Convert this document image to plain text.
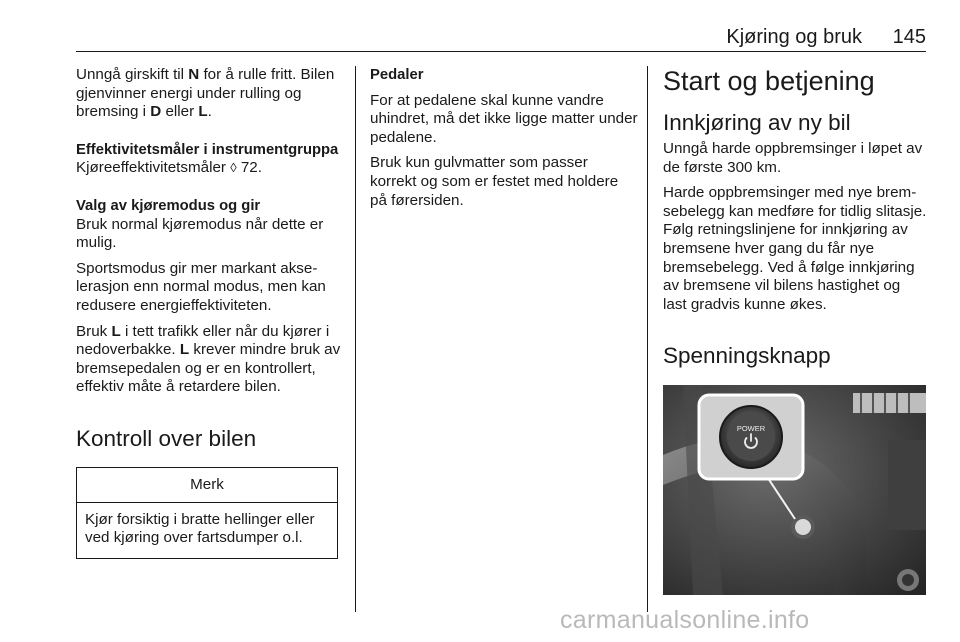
Kjøring og bruk	145

Unngå girskift til N for å rulle fritt. Bilen gjenvinner energi under rulling og bremsing i D eller L.

Effektivitetsmåler i instrumentgruppa

Kjøreeffektivitetsmåler ◊ 72.

Valg av kjøremodus og gir

Bruk normal kjøremodus når dette er mulig.

Sportsmodus gir mer markant akselerasjon enn normal modus, men kan redusere energieffektiviteten.

Bruk L i tett trafikk eller når du kjører i nedoverbakke. L krever mindre bruk av bremsepedalen og er en kontrollert, effektiv måte å retardere bilen.

Kontroll over bilen

Merk
Kjør forsiktig i bratte hellinger eller ved kjøring over fartsdumper o.l.

Pedaler

For at pedalene skal kunne vandre uhindret, må det ikke ligge matter under pedalene.

Bruk kun gulvmatter som passer korrekt og som er festet med holdere på førersiden.

Start og betjening

Innkjøring av ny bil

Unngå harde oppbremsinger i løpet av de første 300 km.

Harde oppbremsinger med nye bremsebelegg kan medføre for tidlig slitasje. Følg retningslinjene for innkjøring av bremsene hver gang du får nye bremsebelegg. Ved å følge innkjøring av bremsene vil bilens hastighet og last gradvis kunne økes.

Spenningsknapp

POWER
carmanualsonline.info
